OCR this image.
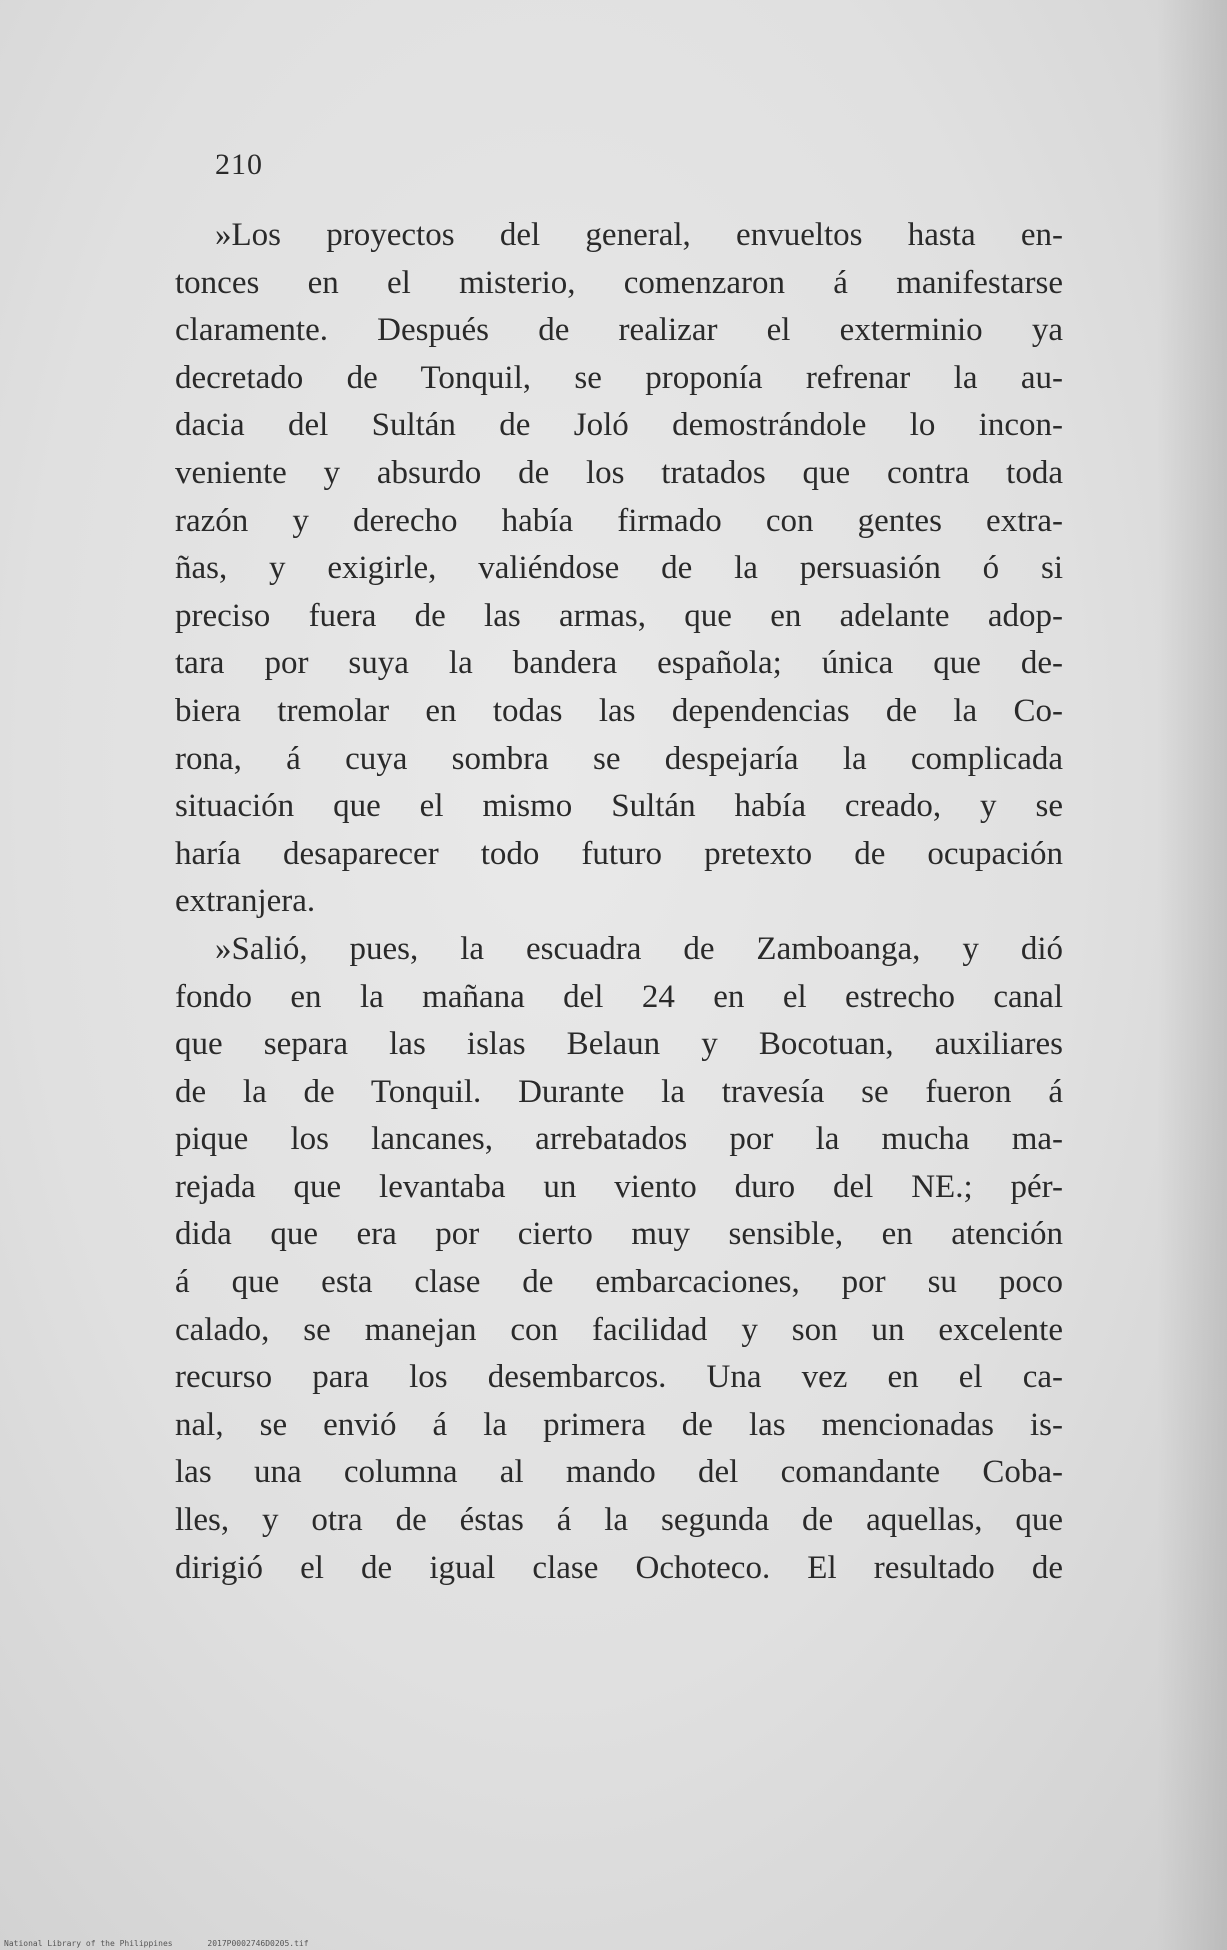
210
»Los proyectos del general, envueltos hasta en-
tonces en el misterio, comenzaron á manifestarse
claramente. Después de realizar el exterminio ya
decretado de Tonquil, se proponía refrenar la au-
dacia del Sultán de Joló demostrándole lo incon-
veniente y absurdo de los tratados que contra toda
razón y derecho había firmado con gentes extra-
ñas, y exigirle, valiéndose de la persuasión ó si
preciso fuera de las armas, que en adelante adop-
tara por suya la bandera española; única que de-
biera tremolar en todas las dependencias de la Co-
rona, á cuya sombra se despejaría la complicada
situación que el mismo Sultán había creado, y se
haría desaparecer todo futuro pretexto de ocupación
extranjera.
»Salió, pues, la escuadra de Zamboanga, y dió
fondo en la mañana del 24 en el estrecho canal
que separa las islas Belaun y Bocotuan, auxiliares
de la de Tonquil. Durante la travesía se fueron á
pique los lancanes, arrebatados por la mucha ma-
rejada que levantaba un viento duro del NE.; pér-
dida que era por cierto muy sensible, en atención
á que esta clase de embarcaciones, por su poco
calado, se manejan con facilidad y son un excelente
recurso para los desembarcos. Una vez en el ca-
nal, se envió á la primera de las mencionadas is-
las una columna al mando del comandante Coba-
lles, y otra de éstas á la segunda de aquellas, que
dirigió el de igual clase Ochoteco. El resultado de
National Library of the Philippines	2017P0002746D0205.tif
